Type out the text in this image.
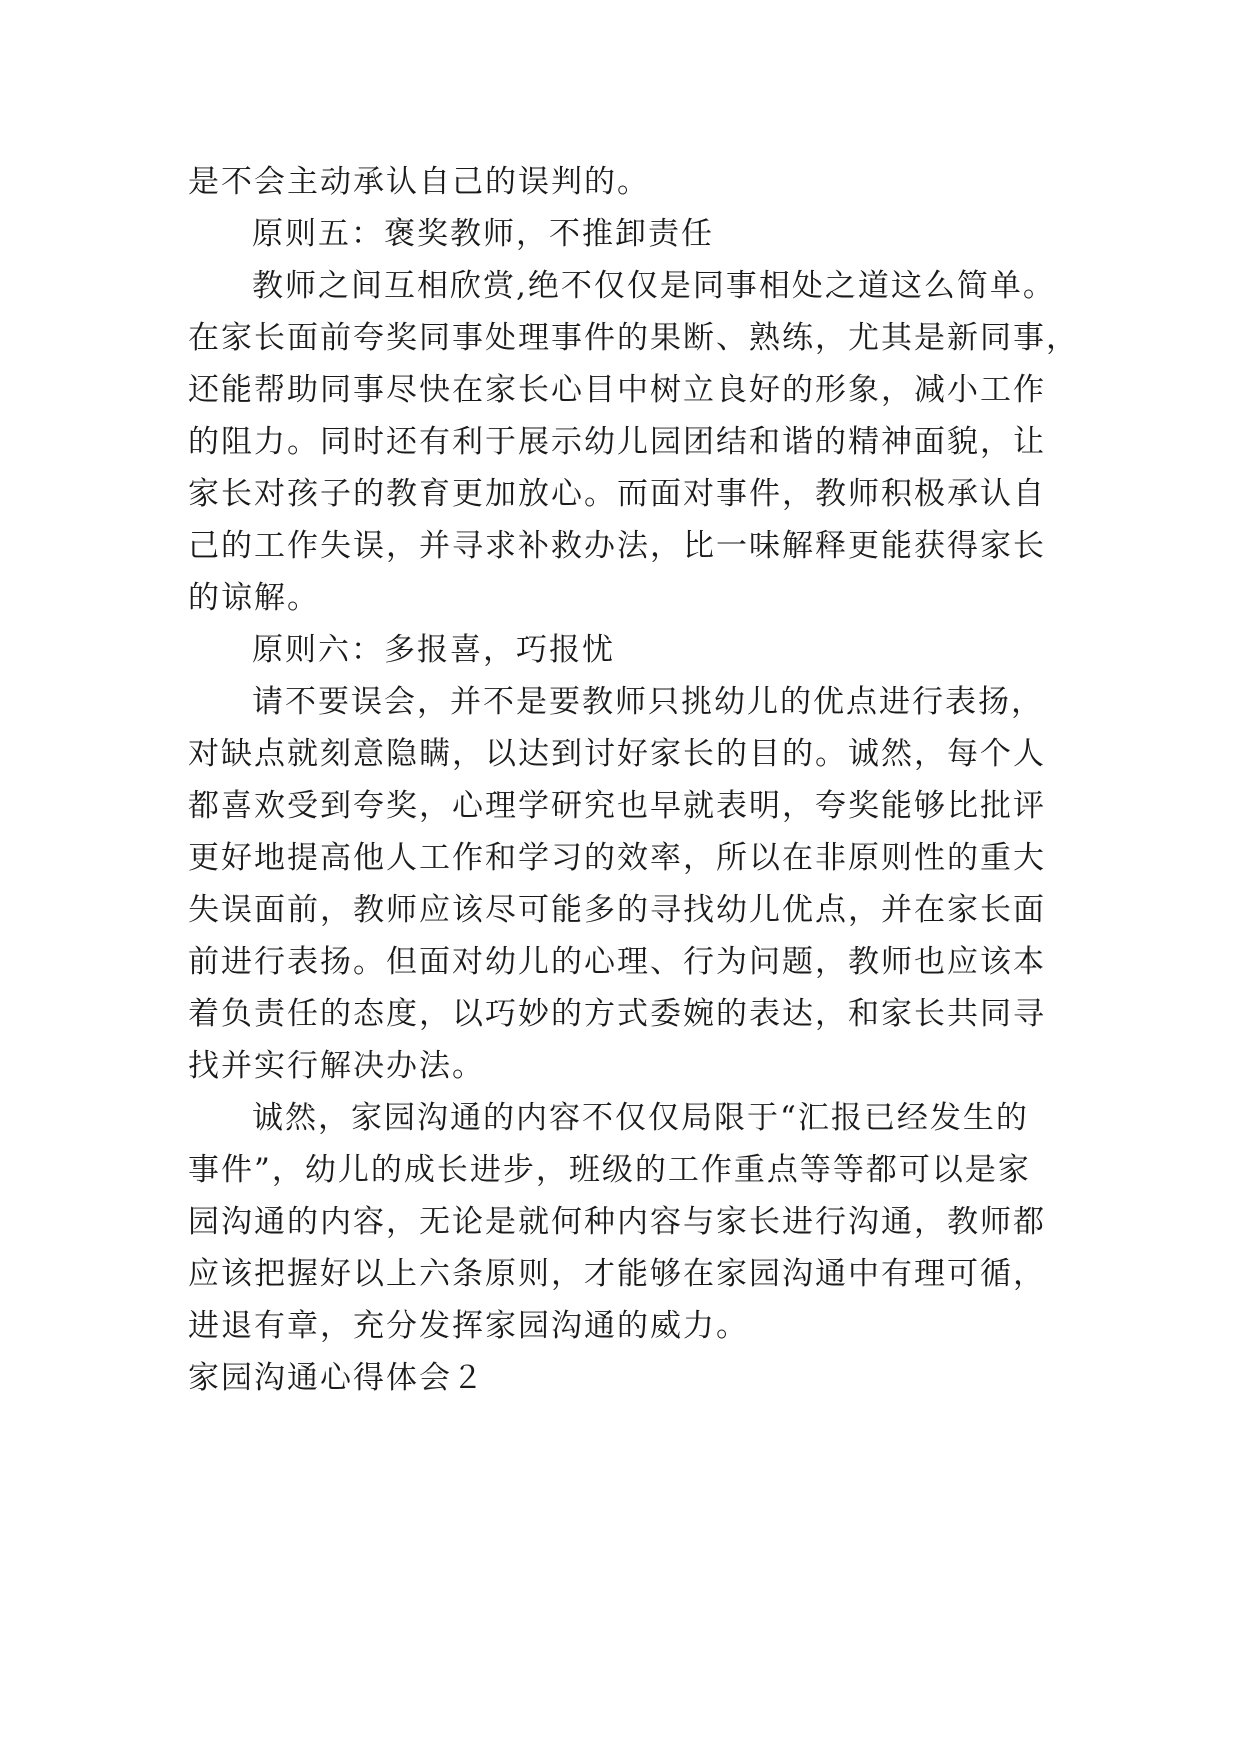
是不会主动承认自己的误判的。
原则五：褒奖教师，不推卸责任
教师之间互相欣赏,绝不仅仅是同事相处之道这么简单。
在家长面前夸奖同事处理事件的果断、熟练，尤其是新同事，
还能帮助同事尽快在家长心目中树立良好的形象，减小工作
的阻力。同时还有利于展示幼儿园团结和谐的精神面貌，让
家长对孩子的教育更加放心。而面对事件，教师积极承认自
己的工作失误，并寻求补救办法，比一味解释更能获得家长
的谅解。
原则六：多报喜，巧报忧
请不要误会，并不是要教师只挑幼儿的优点进行表扬，
对缺点就刻意隐瞒，以达到讨好家长的目的。诚然，每个人
都喜欢受到夸奖，心理学研究也早就表明，夸奖能够比批评
更好地提高他人工作和学习的效率，所以在非原则性的重大
失误面前，教师应该尽可能多的寻找幼儿优点，并在家长面
前进行表扬。但面对幼儿的心理、行为问题，教师也应该本
着负责任的态度，以巧妙的方式委婉的表达，和家长共同寻
找并实行解决办法。
诚然，家园沟通的内容不仅仅局限于“汇报已经发生的
事件”，幼儿的成长进步，班级的工作重点等等都可以是家
园沟通的内容，无论是就何种内容与家长进行沟通，教师都
应该把握好以上六条原则，才能够在家园沟通中有理可循，
进退有章，充分发挥家园沟通的威力。
家园沟通心得体会２
